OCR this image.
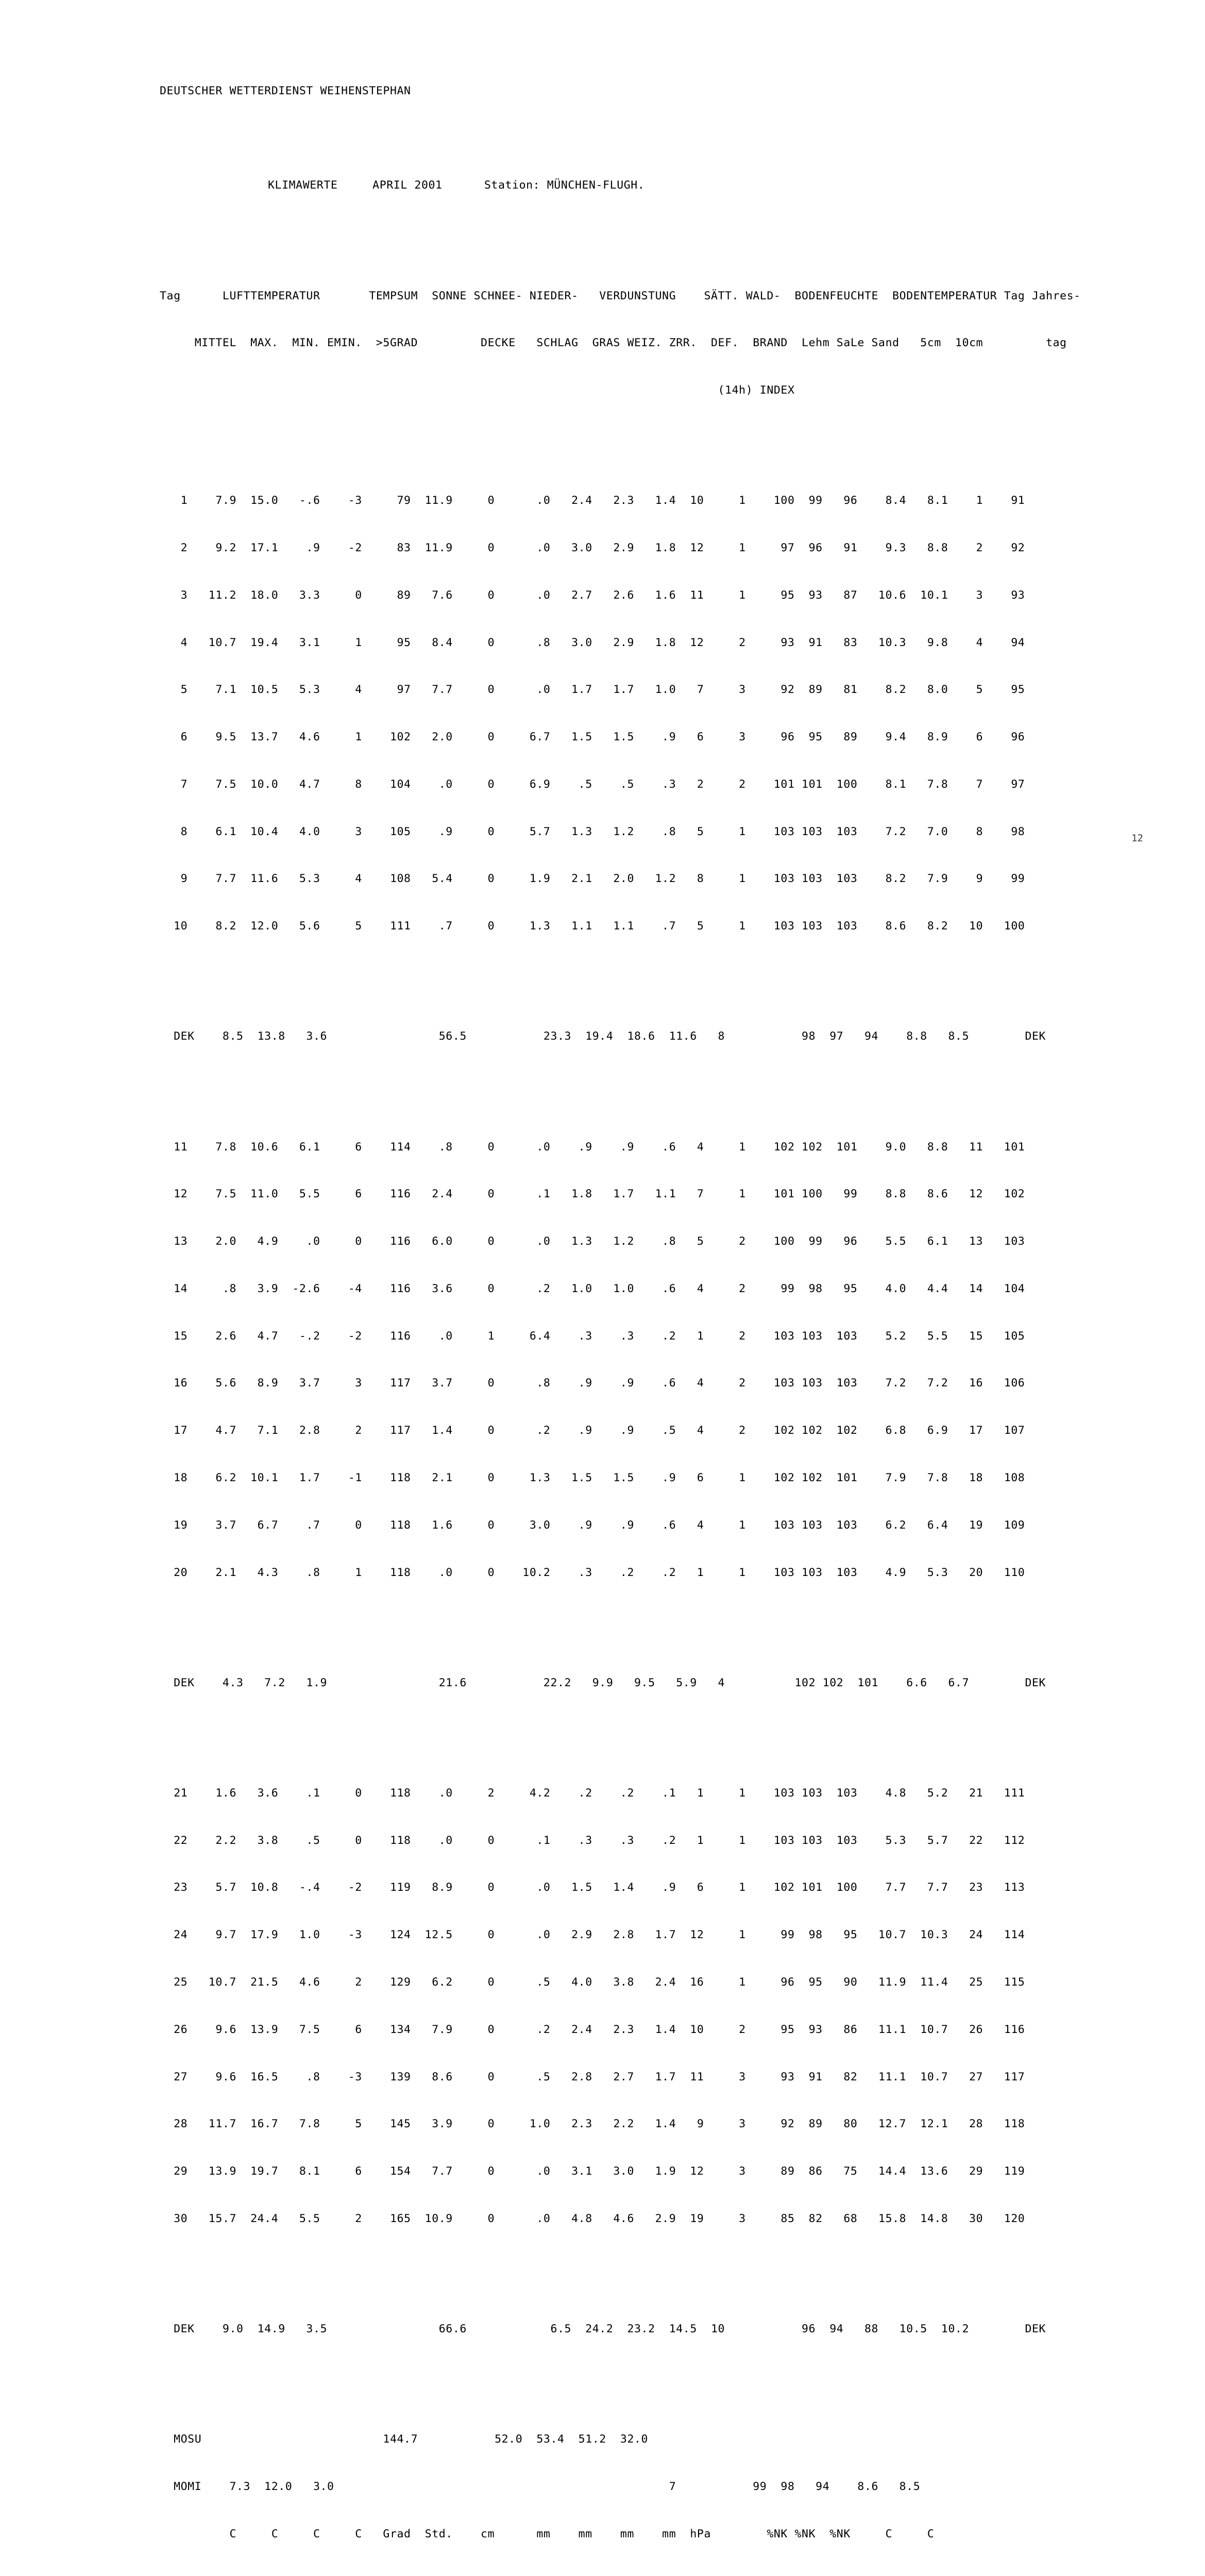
DEUTSCHER WETTERDIENST WEIHENSTEPHAN

KLIMAWERTE     APRIL 2001      Station: MÜNCHEN-FLUGH.

Tag      LUFTTEMPERATUR       TEMPSUM  SONNE SCHNEE- NIEDER-   VERDUNSTUNG    SÄTT. WALD-  BODENFEUCHTE  BODENTEMPERATUR Tag Jahres-

MITTEL  MAX.  MIN. EMIN.  >5GRAD         DECKE   SCHLAG  GRAS WEIZ. ZRR.  DEF.  BRAND  Lehm SaLe Sand   5cm  10cm         tag

(14h) INDEX

1    7.9  15.0   -.6    -3     79  11.9     0      .0   2.4   2.3   1.4  10     1    100  99   96    8.4   8.1    1    91

2    9.2  17.1    .9    -2     83  11.9     0      .0   3.0   2.9   1.8  12     1     97  96   91    9.3   8.8    2    92

3   11.2  18.0   3.3     0     89   7.6     0      .0   2.7   2.6   1.6  11     1     95  93   87   10.6  10.1    3    93

4   10.7  19.4   3.1     1     95   8.4     0      .8   3.0   2.9   1.8  12     2     93  91   83   10.3   9.8    4    94

5    7.1  10.5   5.3     4     97   7.7     0      .0   1.7   1.7   1.0   7     3     92  89   81    8.2   8.0    5    95

6    9.5  13.7   4.6     1    102   2.0     0     6.7   1.5   1.5    .9   6     3     96  95   89    9.4   8.9    6    96

7    7.5  10.0   4.7     8    104    .0     0     6.9    .5    .5    .3   2     2    101 101  100    8.1   7.8    7    97

8    6.1  10.4   4.0     3    105    .9     0     5.7   1.3   1.2    .8   5     1    103 103  103    7.2   7.0    8    98

9    7.7  11.6   5.3     4    108   5.4     0     1.9   2.1   2.0   1.2   8     1    103 103  103    8.2   7.9    9    99

10    8.2  12.0   5.6     5    111    .7     0     1.3   1.1   1.1    .7   5     1    103 103  103    8.6   8.2   10   100

DEK    8.5  13.8   3.6                56.5           23.3  19.4  18.6  11.6   8           98  97   94    8.8   8.5        DEK

11    7.8  10.6   6.1     6    114    .8     0      .0    .9    .9    .6   4     1    102 102  101    9.0   8.8   11   101

12    7.5  11.0   5.5     6    116   2.4     0      .1   1.8   1.7   1.1   7     1    101 100   99    8.8   8.6   12   102

13    2.0   4.9    .0     0    116   6.0     0      .0   1.3   1.2    .8   5     2    100  99   96    5.5   6.1   13   103

14     .8   3.9  -2.6    -4    116   3.6     0      .2   1.0   1.0    .6   4     2     99  98   95    4.0   4.4   14   104

15    2.6   4.7   -.2    -2    116    .0     1     6.4    .3    .3    .2   1     2    103 103  103    5.2   5.5   15   105

16    5.6   8.9   3.7     3    117   3.7     0      .8    .9    .9    .6   4     2    103 103  103    7.2   7.2   16   106

17    4.7   7.1   2.8     2    117   1.4     0      .2    .9    .9    .5   4     2    102 102  102    6.8   6.9   17   107

18    6.2  10.1   1.7    -1    118   2.1     0     1.3   1.5   1.5    .9   6     1    102 102  101    7.9   7.8   18   108

19    3.7   6.7    .7     0    118   1.6     0     3.0    .9    .9    .6   4     1    103 103  103    6.2   6.4   19   109

20    2.1   4.3    .8     1    118    .0     0    10.2    .3    .2    .2   1     1    103 103  103    4.9   5.3   20   110

DEK    4.3   7.2   1.9                21.6           22.2   9.9   9.5   5.9   4          102 102  101    6.6   6.7        DEK

21    1.6   3.6    .1     0    118    .0     2     4.2    .2    .2    .1   1     1    103 103  103    4.8   5.2   21   111

22    2.2   3.8    .5     0    118    .0     0      .1    .3    .3    .2   1     1    103 103  103    5.3   5.7   22   112

23    5.7  10.8   -.4    -2    119   8.9     0      .0   1.5   1.4    .9   6     1    102 101  100    7.7   7.7   23   113

24    9.7  17.9   1.0    -3    124  12.5     0      .0   2.9   2.8   1.7  12     1     99  98   95   10.7  10.3   24   114

25   10.7  21.5   4.6     2    129   6.2     0      .5   4.0   3.8   2.4  16     1     96  95   90   11.9  11.4   25   115

26    9.6  13.9   7.5     6    134   7.9     0      .2   2.4   2.3   1.4  10     2     95  93   86   11.1  10.7   26   116

27    9.6  16.5    .8    -3    139   8.6     0      .5   2.8   2.7   1.7  11     3     93  91   82   11.1  10.7   27   117

28   11.7  16.7   7.8     5    145   3.9     0     1.0   2.3   2.2   1.4   9     3     92  89   80   12.7  12.1   28   118

29   13.9  19.7   8.1     6    154   7.7     0      .0   3.1   3.0   1.9  12     3     89  86   75   14.4  13.6   29   119

30   15.7  24.4   5.5     2    165  10.9     0      .0   4.8   4.6   2.9  19     3     85  82   68   15.8  14.8   30   120

DEK    9.0  14.9   3.5                66.6            6.5  24.2  23.2  14.5  10           96  94   88   10.5  10.2        DEK

MOSU                          144.7           52.0  53.4  51.2  32.0

MOMI    7.3  12.0   3.0                                                7           99  98   94    8.6   8.5

C     C     C     C   Grad  Std.    cm      mm    mm    mm    mm  hPa        %NK %NK  %NK     C     C

12
